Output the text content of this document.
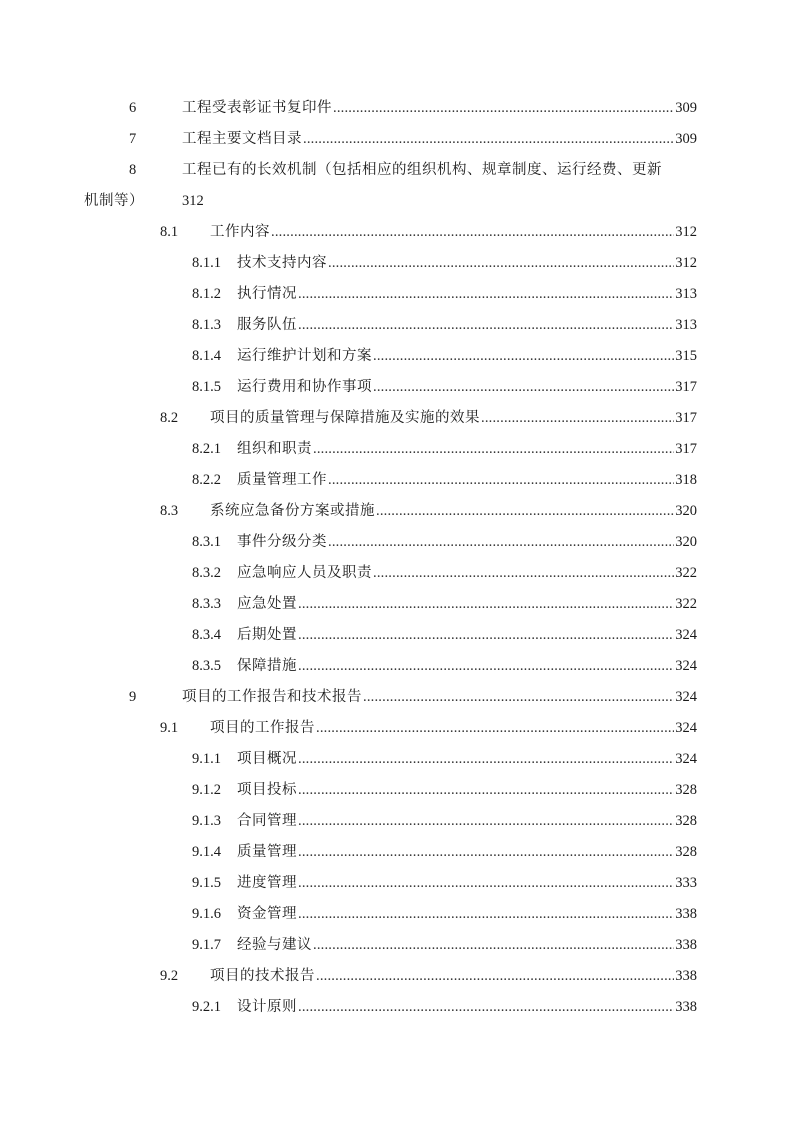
6	工程受表彰证书复印件 .....	309
7	工程主要文档目录 .....	309
8	工程已有的长效机制（包括相应的组织机构、规章制度、运行经费、更新
机制等）	312
8.1 工作内容 .....	312
8.1.1 技术支持内容 .....	312
8.1.2 执行情况 .....	313
8.1.3 服务队伍 .....	313
8.1.4 运行维护计划和方案 .....	315
8.1.5 运行费用和协作事项 .....	317
8.2 项目的质量管理与保障措施及实施的效果 .....	317
8.2.1 组织和职责 .....	317
8.2.2 质量管理工作 .....	318
8.3 系统应急备份方案或措施 .....	320
8.3.1 事件分级分类 .....	320
8.3.2 应急响应人员及职责 .....	322
8.3.3 应急处置 .....	322
8.3.4 后期处置 .....	324
8.3.5 保障措施 .....	324
9	项目的工作报告和技术报告 .....	324
9.1 项目的工作报告 .....	324
9.1.1 项目概况 .....	324
9.1.2 项目投标 .....	328
9.1.3 合同管理 .....	328
9.1.4 质量管理 .....	328
9.1.5 进度管理 .....	333
9.1.6 资金管理 .....	338
9.1.7 经验与建议 .....	338
9.2 项目的技术报告 .....	338
9.2.1 设计原则 .....	338
